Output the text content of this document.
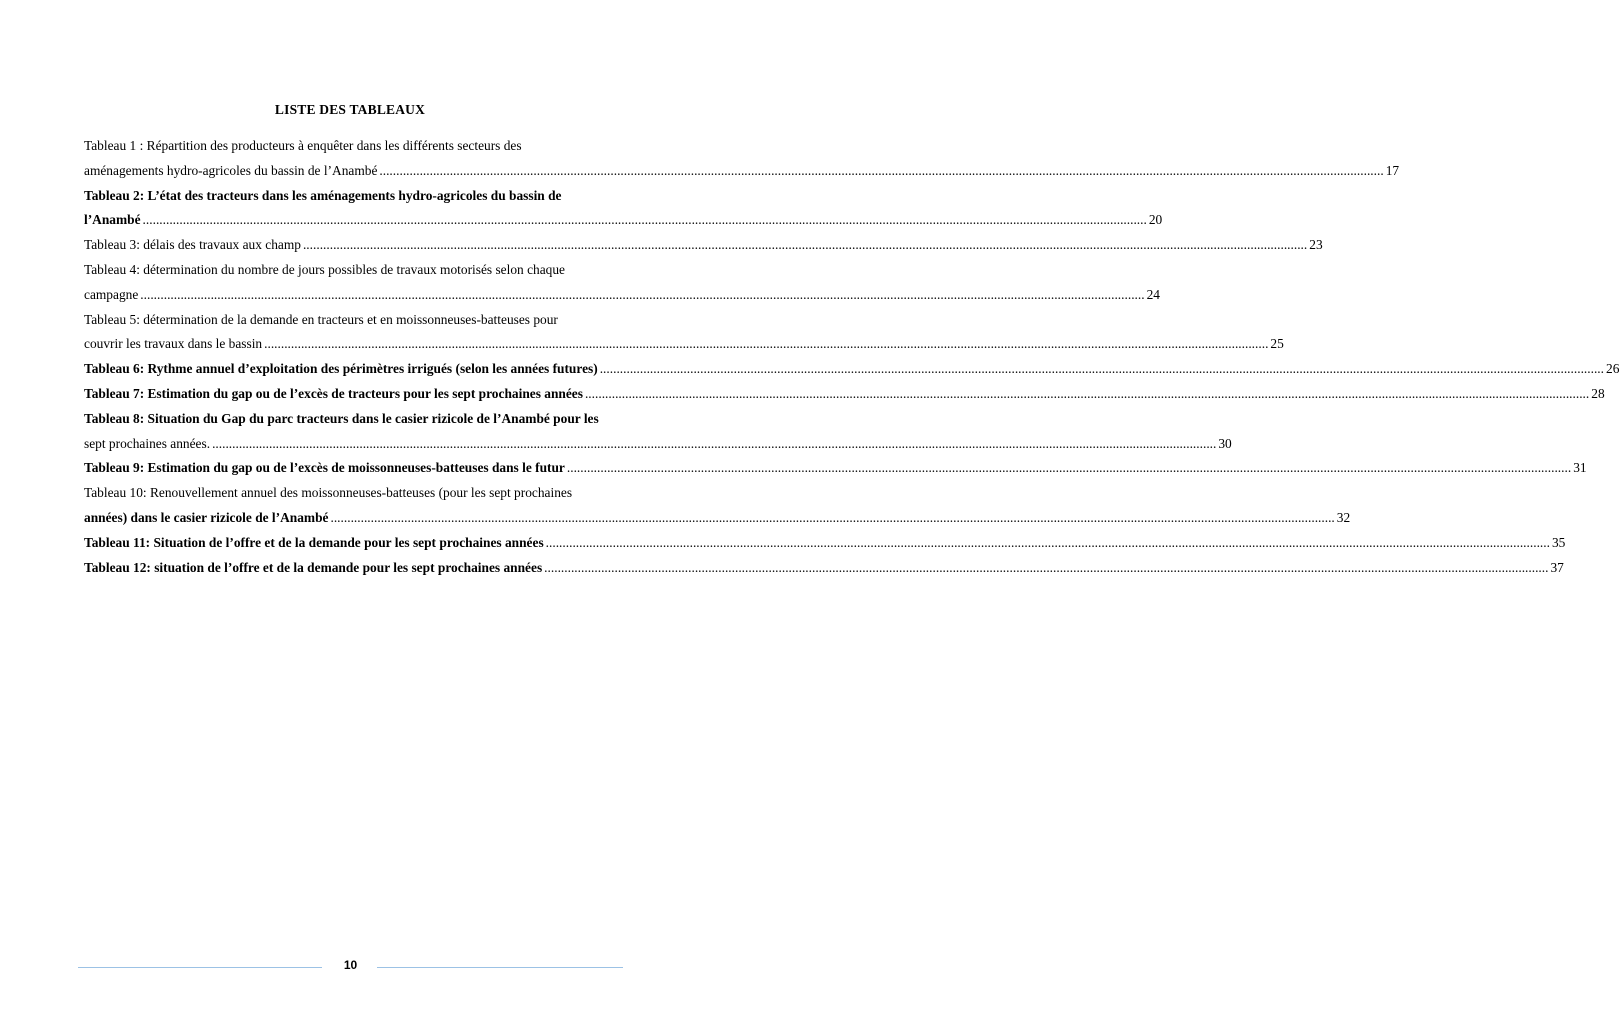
LISTE DES TABLEAUX
Tableau 1 : Répartition des producteurs à enquêter dans les différents secteurs des
aménagements hydro-agricoles du bassin de l’Anambé .....	17
Tableau 2: L’état des tracteurs dans les aménagements hydro-agricoles du bassin de
l’Anambé .....	20
Tableau 3: délais des travaux aux champ .....	23
Tableau 4: détermination du nombre de jours possibles de travaux motorisés selon chaque
campagne .....	24
Tableau 5: détermination de la demande en tracteurs et en moissonneuses-batteuses pour
couvrir les travaux dans le bassin .....	25
Tableau 6: Rythme annuel d’exploitation des périmètres irrigués (selon les années futures) .....	26
Tableau 7: Estimation du gap ou de l’excès de tracteurs pour les sept prochaines années .....	28
Tableau 8: Situation du Gap du parc tracteurs dans le casier rizicole de l’Anambé pour les
sept prochaines années. .....	30
Tableau 9: Estimation du gap ou de l’excès de moissonneuses-batteuses dans le futur .....	31
Tableau 10: Renouvellement annuel des moissonneuses-batteuses (pour les sept prochaines
années) dans le casier rizicole de l’Anambé .....	32
Tableau 11: Situation de l’offre et de la demande pour les sept prochaines années .....	35
Tableau 12: situation de l’offre et de la demande pour les sept prochaines années .....	37
10
